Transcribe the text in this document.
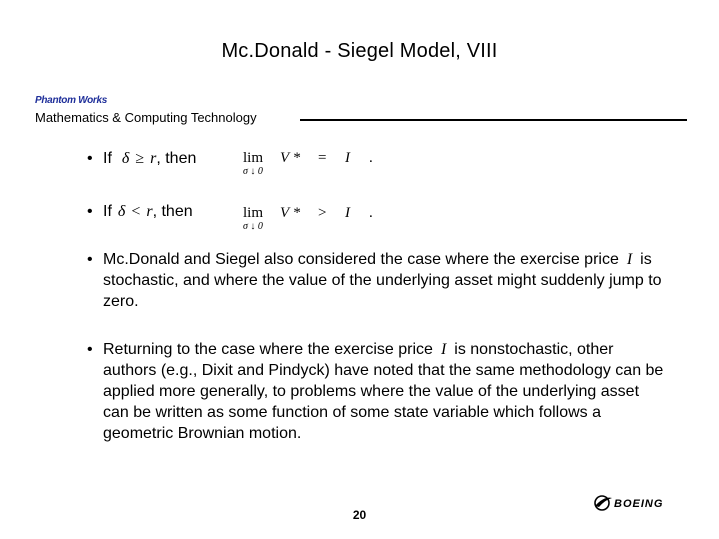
Mc.Donald - Siegel Model, VIII
Phantom Works
Mathematics & Computing Technology
• If δ ≥ r , then	lim
σ ↓ 0
V * = I .
• If δ < r , then	lim
σ ↓ 0
V * > I .
• Mc.Donald and Siegel also considered the case where the exercise price I is stochastic, and where the value of the underlying asset might suddenly jump to zero.
• Returning to the case where the exercise price I is nonstochastic, other authors (e.g., Dixit and Pindyck) have noted that the same methodology can be applied more generally, to problems where the value of the underlying asset can be written as some function of some state variable which follows a geometric Brownian motion.
20
BOEING
